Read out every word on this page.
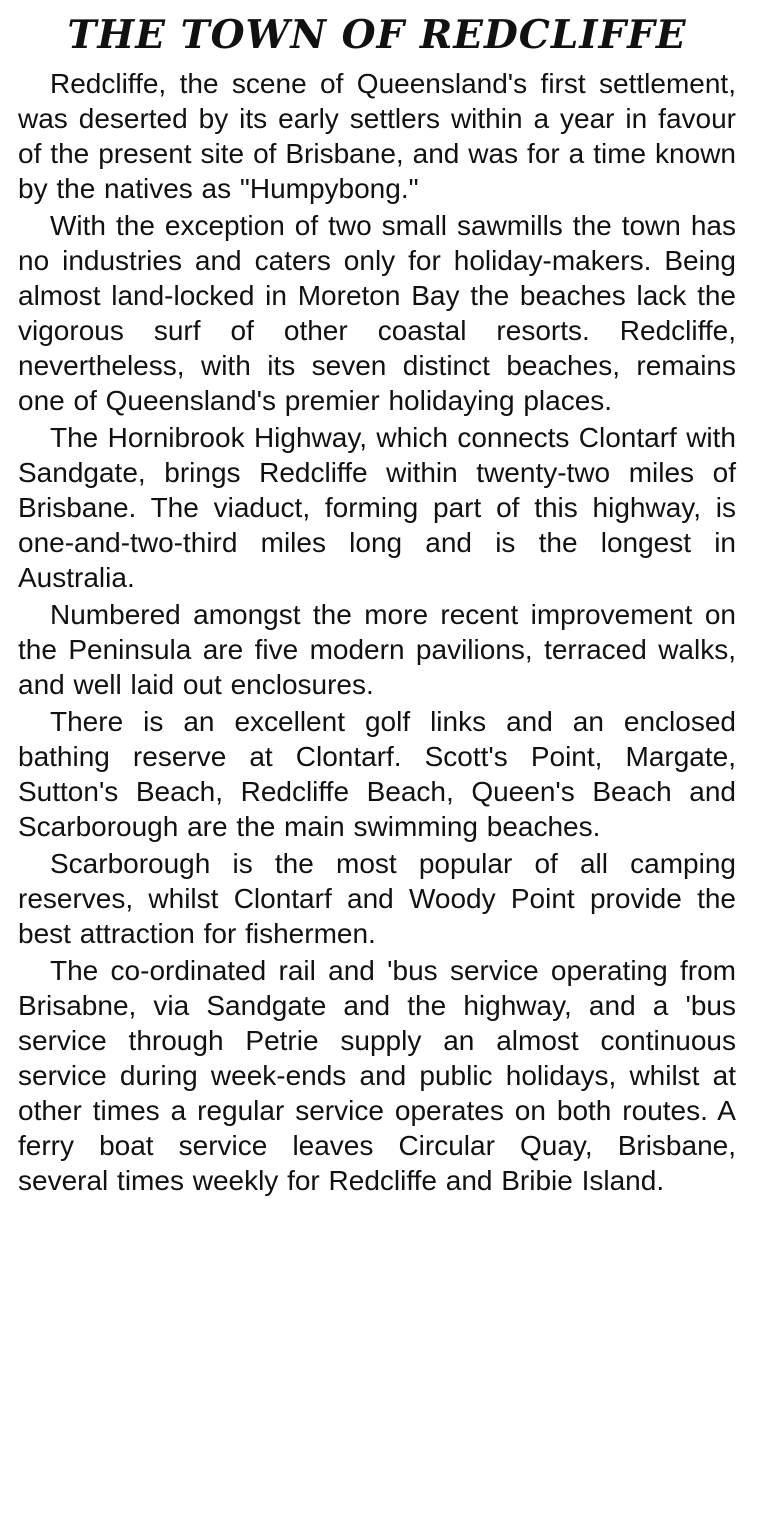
THE TOWN OF REDCLIFFE

Redcliffe, the scene of Queensland's first settlement, was deserted by its early settlers within a year in favour of the present site of Brisbane, and was for a time known by the natives as "Humpybong."

With the exception of two small sawmills the town has no industries and caters only for holiday-makers. Being almost land-locked in Moreton Bay the beaches lack the vigorous surf of other coastal resorts. Redcliffe, nevertheless, with its seven distinct beaches, remains one of Queensland's premier holidaying places.

The Hornibrook Highway, which connects Clontarf with Sandgate, brings Redcliffe within twenty-two miles of Brisbane. The viaduct, forming part of this highway, is one-and-two-third miles long and is the longest in Australia.

Numbered amongst the more recent improvement on the Peninsula are five modern pavilions, terraced walks, and well laid out enclosures.

There is an excellent golf links and an enclosed bathing reserve at Clontarf. Scott's Point, Margate, Sutton's Beach, Redcliffe Beach, Queen's Beach and Scarborough are the main swimming beaches.

Scarborough is the most popular of all camping reserves, whilst Clontarf and Woody Point provide the best attraction for fishermen.

The co-ordinated rail and 'bus service operating from Brisabne, via Sandgate and the highway, and a 'bus service through Petrie supply an almost continuous service during week-ends and public holidays, whilst at other times a regular service operates on both routes. A ferry boat service leaves Circular Quay, Brisbane, several times weekly for Redcliffe and Bribie Island.
